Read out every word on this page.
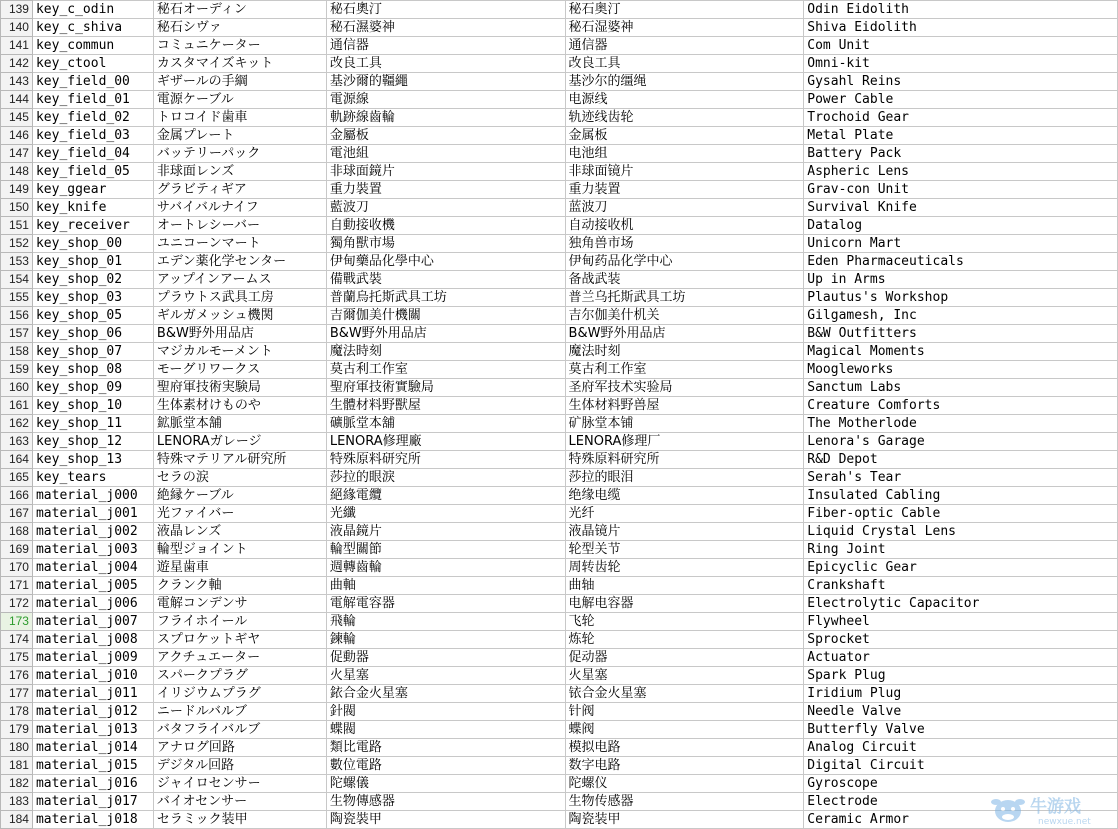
139	key_c_odin	秘石オーディン	秘石奧汀	秘石奥汀	Odin Eidolith
140	key_c_shiva	秘石シヴァ	秘石濕婆神	秘石湿婆神	Shiva Eidolith
141	key_commun	コミュニケーター	通信器	通信器	Com Unit
142	key_ctool	カスタマイズキット	改良工具	改良工具	Omni-kit
143	key_field_00	ギザールの手綱	基沙爾的韁繩	基沙尔的缰绳	Gysahl Reins
144	key_field_01	電源ケーブル	電源線	电源线	Power Cable
145	key_field_02	トロコイド歯車	軌跡線齒輪	轨迹线齿轮	Trochoid Gear
146	key_field_03	金属プレート	金屬板	金属板	Metal Plate
147	key_field_04	バッテリーパック	電池組	电池组	Battery Pack
148	key_field_05	非球面レンズ	非球面鏡片	非球面镜片	Aspheric Lens
149	key_ggear	グラビティギア	重力裝置	重力装置	Grav-con Unit
150	key_knife	サバイバルナイフ	藍波刀	蓝波刀	Survival Knife
151	key_receiver	オートレシーバー	自動接收機	自动接收机	Datalog
152	key_shop_00	ユニコーンマート	獨角獸市場	独角兽市场	Unicorn Mart
153	key_shop_01	エデン薬化学センター	伊甸藥品化學中心	伊甸药品化学中心	Eden Pharmaceuticals
154	key_shop_02	アップインアームス	備戰武裝	备战武装	Up in Arms
155	key_shop_03	プラウトス武具工房	普蘭烏托斯武具工坊	普兰乌托斯武具工坊	Plautus's Workshop
156	key_shop_05	ギルガメッシュ機関	吉爾伽美什機關	吉尔伽美什机关	Gilgamesh, Inc
157	key_shop_06	B&W野外用品店	B&W野外用品店	B&W野外用品店	B&W Outfitters
158	key_shop_07	マジカルモーメント	魔法時刻	魔法时刻	Magical Moments
159	key_shop_08	モーグリワークス	莫古利工作室	莫古利工作室	Moogleworks
160	key_shop_09	聖府軍技術実験局	聖府軍技術實驗局	圣府军技术实验局	Sanctum Labs
161	key_shop_10	生体素材けものや	生體材料野獸屋	生体材料野兽屋	Creature Comforts
162	key_shop_11	鉱脈堂本舗	礦脈堂本舖	矿脉堂本铺	The Motherlode
163	key_shop_12	LENORAガレージ	LENORA修理廠	LENORA修理厂	Lenora's Garage
164	key_shop_13	特殊マテリアル研究所	特殊原料研究所	特殊原料研究所	R&D Depot
165	key_tears	セラの涙	莎拉的眼淚	莎拉的眼泪	Serah's Tear
166	material_j000	絶縁ケーブル	絕緣電纜	绝缘电缆	Insulated Cabling
167	material_j001	光ファイバー	光纖	光纤	Fiber-optic Cable
168	material_j002	液晶レンズ	液晶鏡片	液晶镜片	Liquid Crystal Lens
169	material_j003	輪型ジョイント	輪型關節	轮型关节	Ring Joint
170	material_j004	遊星歯車	週轉齒輪	周转齿轮	Epicyclic Gear
171	material_j005	クランク軸	曲軸	曲轴	Crankshaft
172	material_j006	電解コンデンサ	電解電容器	电解电容器	Electrolytic Capacitor
173	material_j007	フライホイール	飛輪	飞轮	Flywheel
174	material_j008	スプロケットギヤ	鍊輪	炼轮	Sprocket
175	material_j009	アクチュエーター	促動器	促动器	Actuator
176	material_j010	スパークプラグ	火星塞	火星塞	Spark Plug
177	material_j011	イリジウムプラグ	銥合金火星塞	铱合金火星塞	Iridium Plug
178	material_j012	ニードルバルブ	針閥	针阀	Needle Valve
179	material_j013	バタフライバルブ	蝶閥	蝶阀	Butterfly Valve
180	material_j014	アナログ回路	類比電路	模拟电路	Analog Circuit
181	material_j015	デジタル回路	數位電路	数字电路	Digital Circuit
182	material_j016	ジャイロセンサー	陀螺儀	陀螺仪	Gyroscope
183	material_j017	バイオセンサー	生物傳感器	生物传感器	Electrode
184	material_j018	セラミック装甲	陶瓷裝甲	陶瓷装甲	Ceramic Armor
牛游戏
newxue.net
